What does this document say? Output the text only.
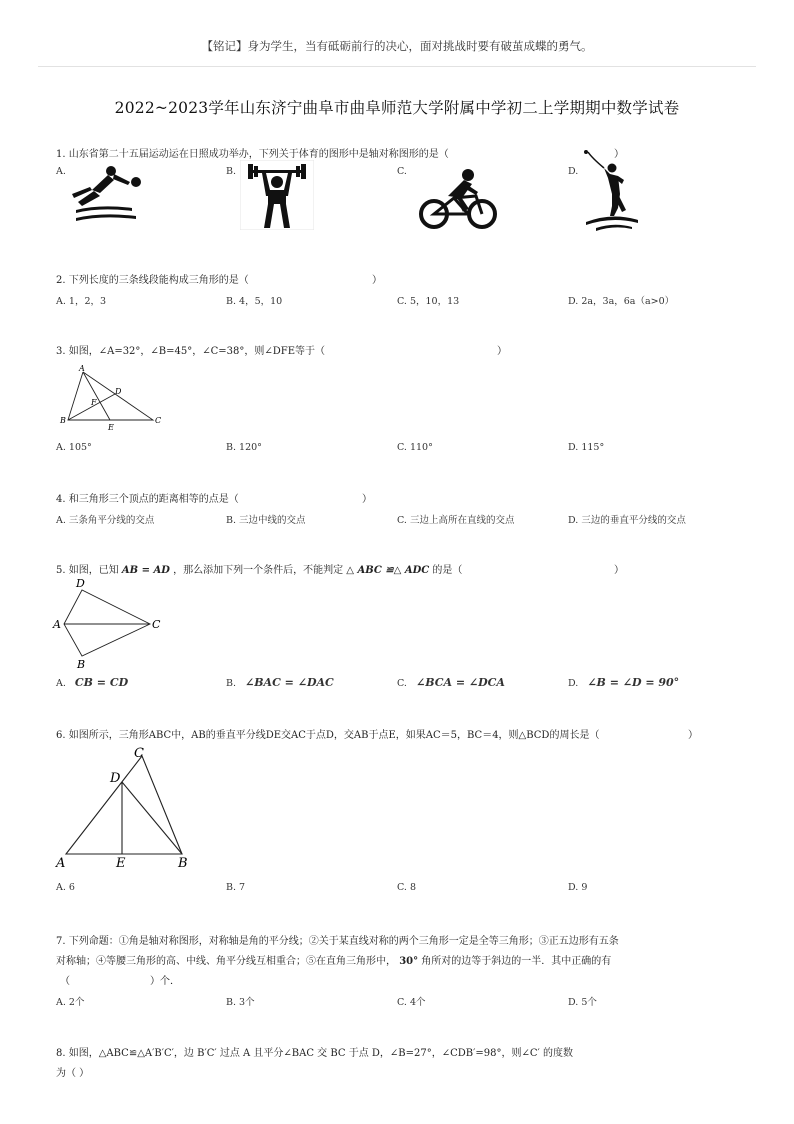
【铭记】身为学生，当有砥砺前行的决心，面对挑战时要有破茧成蝶的勇气。
2022~2023学年山东济宁曲阜市曲阜师范大学附属中学初二上学期期中数学试卷
1. 山东省第二十五届运动运在日照成功举办，下列关于体育的图形中是轴对称图形的是（	）
A.	B.	C.	D.
2. 下列长度的三条线段能构成三角形的是（	）
A. 1，2，3	B. 4，5，10	C. 5，10，13	D. 2a，3a，6a（a>0）
3. 如图，∠A=32°，∠B=45°，∠C=38°，则∠DFE等于（	）
A
D
F
B
E
C
A. 105°	B. 120°	C. 110°	D. 115°
4. 和三角形三个顶点的距离相等的点是（	）
A. 三条角平分线的交点	B. 三边中线的交点	C. 三边上高所在直线的交点	D. 三边的垂直平分线的交点
5. 如图，已知 AB = AD ，那么添加下列一个条件后，不能判定 △ ABC ≌△ ADC 的是（	）
D
A	C
B
A. CB = CD	B. ∠BAC = ∠DAC	C. ∠BCA = ∠DCA	D. ∠B = ∠D = 90°
6. 如图所示，三角形ABC中，AB的垂直平分线DE交AC于点D，交AB于点E，如果AC＝5，BC＝4，则△BCD的周长是（	）
C
D
A	E	B
A. 6	B. 7	C. 8	D. 9
7. 下列命题：①角是轴对称图形，对称轴是角的平分线；②关于某直线对称的两个三角形一定是全等三角形；③正五边形有五条
对称轴；④等腰三角形的高、中线、角平分线互相重合；⑤在直角三角形中， 30° 角所对的边等于斜边的一半．其中正确的有
（	）个．
A. 2个	B. 3个	C. 4个	D. 5个
8. 如图，△ABC≌△A′B′C′，边 B′C′ 过点 A 且平分∠BAC 交 BC 于点 D，∠B=27°，∠CDB′=98°，则∠C′ 的度数
为（ ）
